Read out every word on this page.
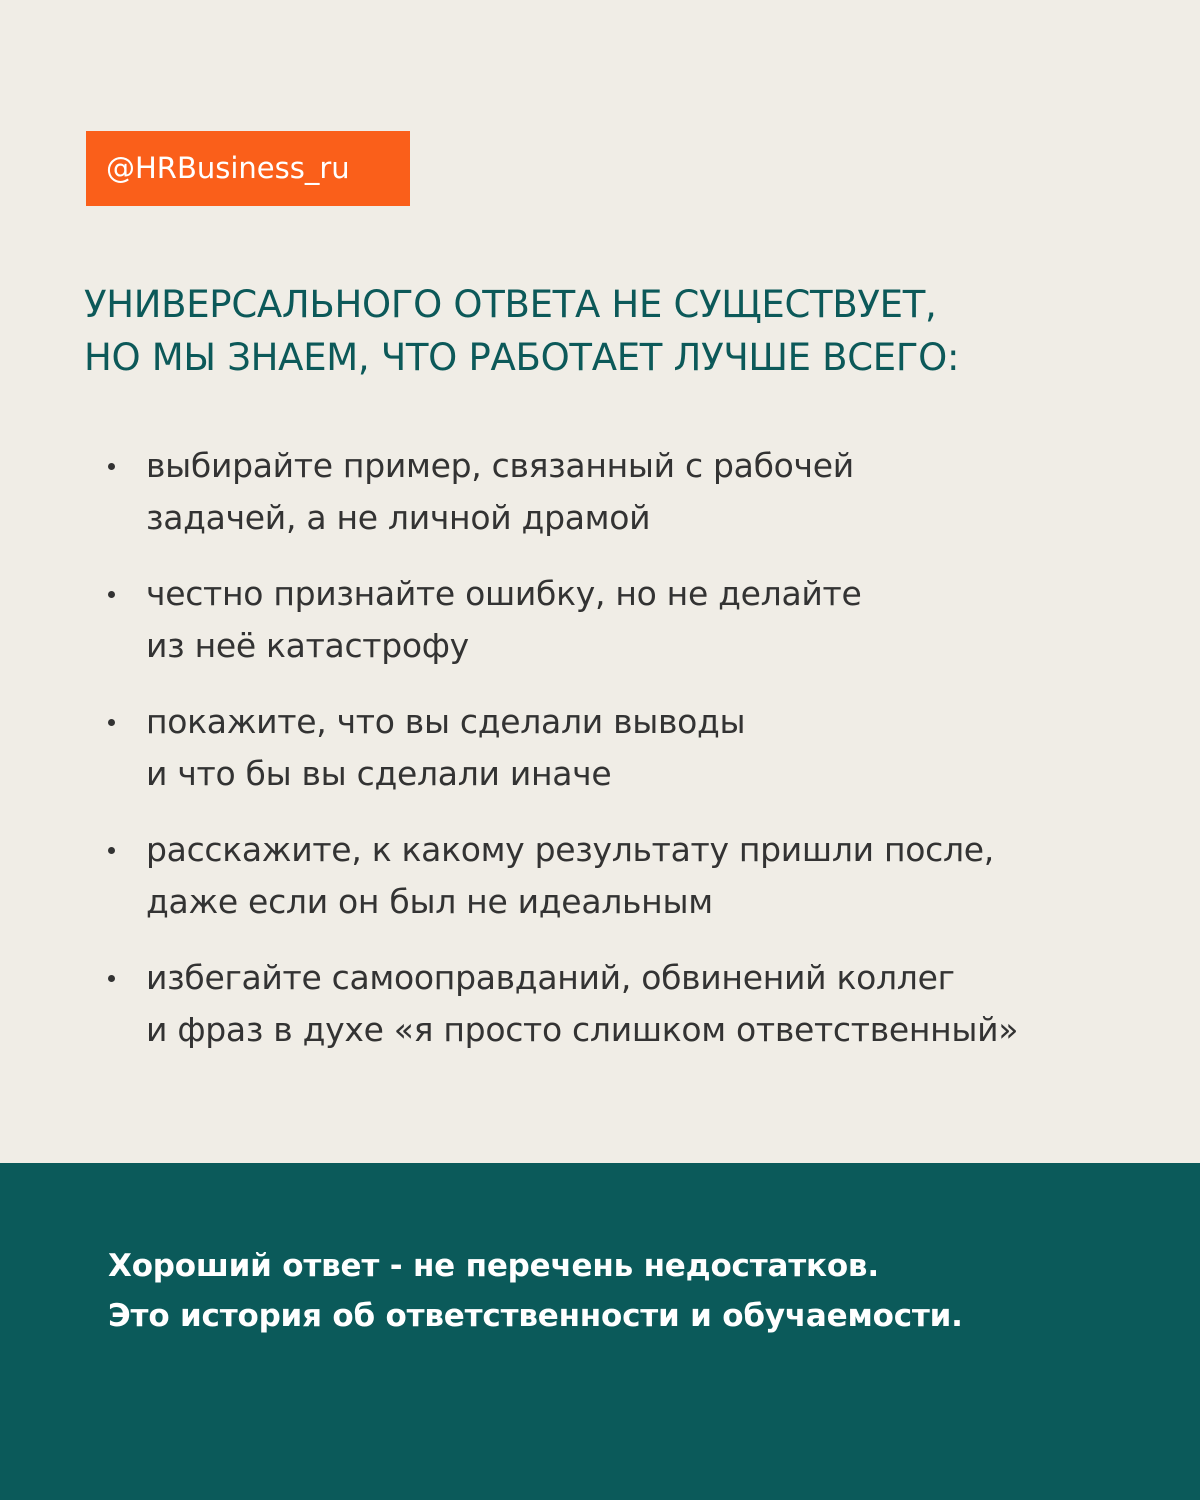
@HRBusiness_ru
УНИВЕРСАЛЬНОГО ОТВЕТА НЕ СУЩЕСТВУЕТ,
НО МЫ ЗНАЕМ, ЧТО РАБОТАЕТ ЛУЧШЕ ВСЕГО:
выбирайте пример, связанный с рабочей
задачей, а не личной драмой
честно признайте ошибку, но не делайте
из неё катастрофу
покажите, что вы сделали выводы
и что бы вы сделали иначе
расскажите, к какому результату пришли после,
даже если он был не идеальным
избегайте самооправданий, обвинений коллег
и фраз в духе «я просто слишком ответственный»

Хороший ответ - не перечень недостатков.
Это история об ответственности и обучаемости.
